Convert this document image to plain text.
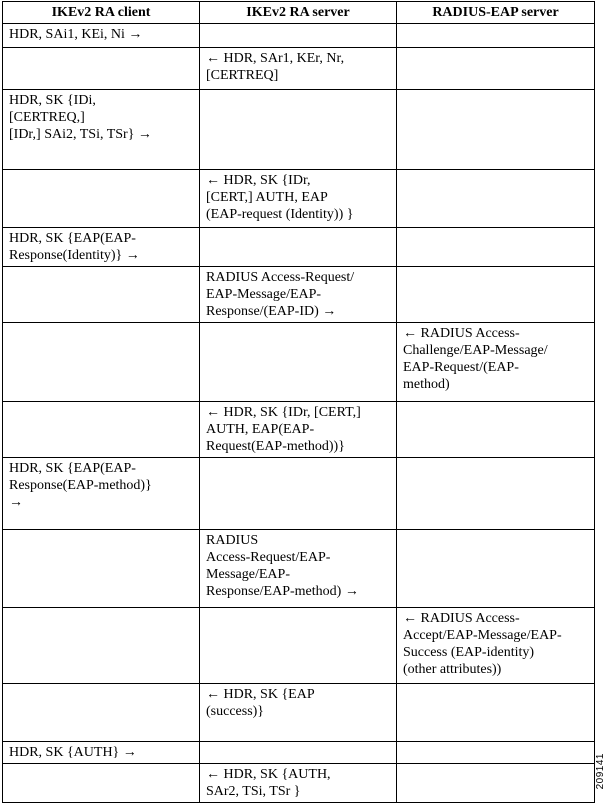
IKEv2 RA client	IKEv2 RA server	RADIUS-EAP server

HDR, SAi1, KEi, Ni →		

	← HDR, SAr1, KEr, Nr,
[CERTREQ]	

HDR, SK {IDi,
[CERTREQ,]
[IDr,] SAi2, TSi, TSr} →		

	← HDR, SK {IDr,
[CERT,] AUTH, EAP
(EAP-request (Identity)) }	

HDR, SK {EAP(EAP-
Response(Identity)} →		

	RADIUS Access-Request/
EAP-Message/EAP-
Response/(EAP-ID) →	

		← RADIUS Access-
Challenge/EAP-Message/
EAP-Request/(EAP-
method)

	← HDR, SK {IDr, [CERT,]
AUTH, EAP(EAP-
Request(EAP-method))}	

HDR, SK {EAP(EAP-
Response(EAP-method)}
→		

	RADIUS
Access-Request/EAP-
Message/EAP-
Response/EAP-method) →	

		← RADIUS Access-
Accept/EAP-Message/EAP-
Success (EAP-identity)
(other attributes))

	← HDR, SK {EAP
(success)}	

HDR, SK {AUTH} →		

	← HDR, SK {AUTH,
SAr2, TSi, TSr }	

209141
